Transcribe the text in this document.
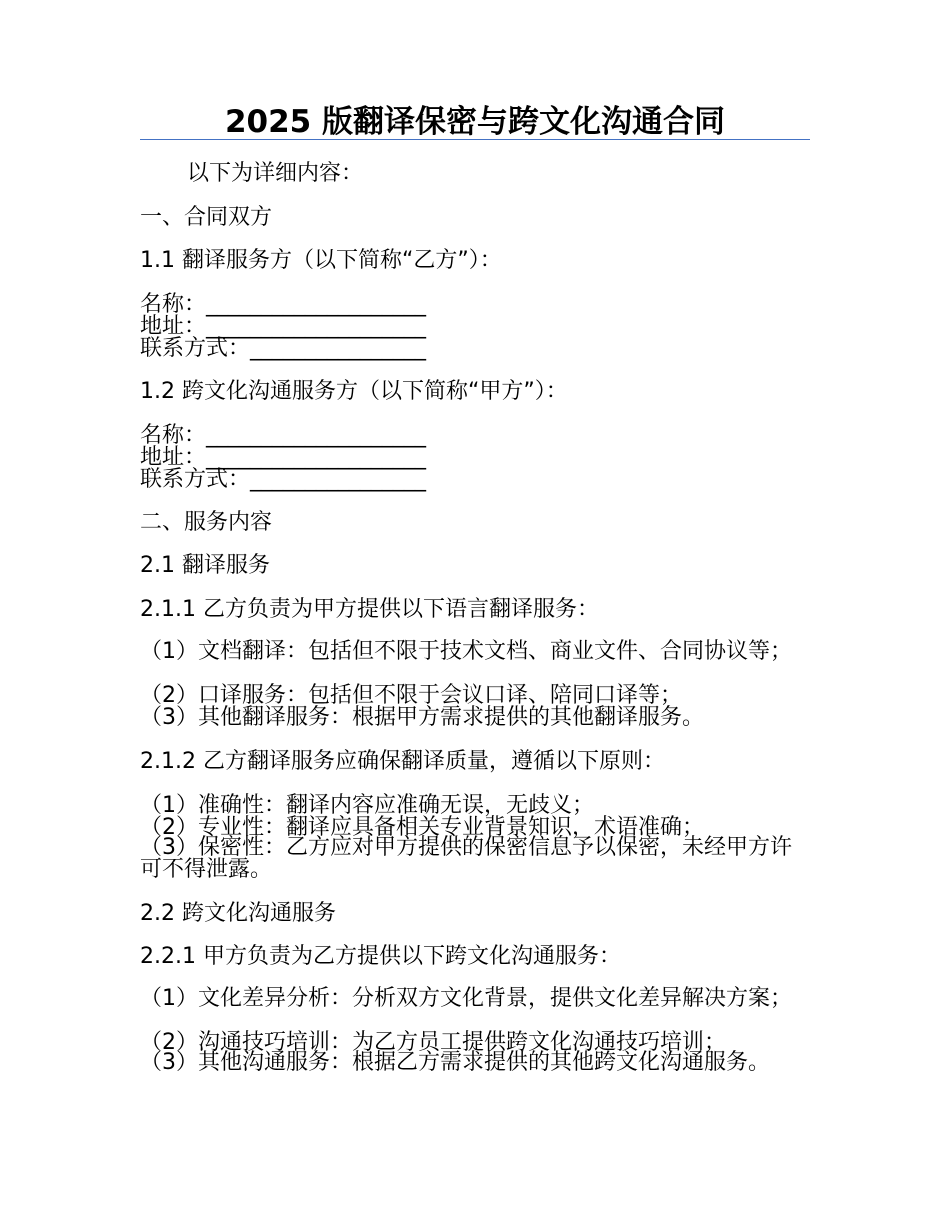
2025 版翻译保密与跨文化沟通合同
以下为详细内容：
一、合同双方
1.1 翻译服务方（以下简称“乙方”）：
名称：____________________
地址：____________________
联系方式：________________
1.2 跨文化沟通服务方（以下简称“甲方”）：
名称：____________________
地址：____________________
联系方式：________________
二、服务内容
2.1 翻译服务
2.1.1 乙方负责为甲方提供以下语言翻译服务：
（1）文档翻译：包括但不限于技术文档、商业文件、合同协议等；
（2）口译服务：包括但不限于会议口译、陪同口译等；
（3）其他翻译服务：根据甲方需求提供的其他翻译服务。
2.1.2 乙方翻译服务应确保翻译质量，遵循以下原则：
（1）准确性：翻译内容应准确无误，无歧义；
（2）专业性：翻译应具备相关专业背景知识，术语准确；
（3）保密性：乙方应对甲方提供的保密信息予以保密，未经甲方许可不得泄露。
2.2 跨文化沟通服务
2.2.1 甲方负责为乙方提供以下跨文化沟通服务：
（1）文化差异分析：分析双方文化背景，提供文化差异解决方案；
（2）沟通技巧培训：为乙方员工提供跨文化沟通技巧培训；
（3）其他沟通服务：根据乙方需求提供的其他跨文化沟通服务。
